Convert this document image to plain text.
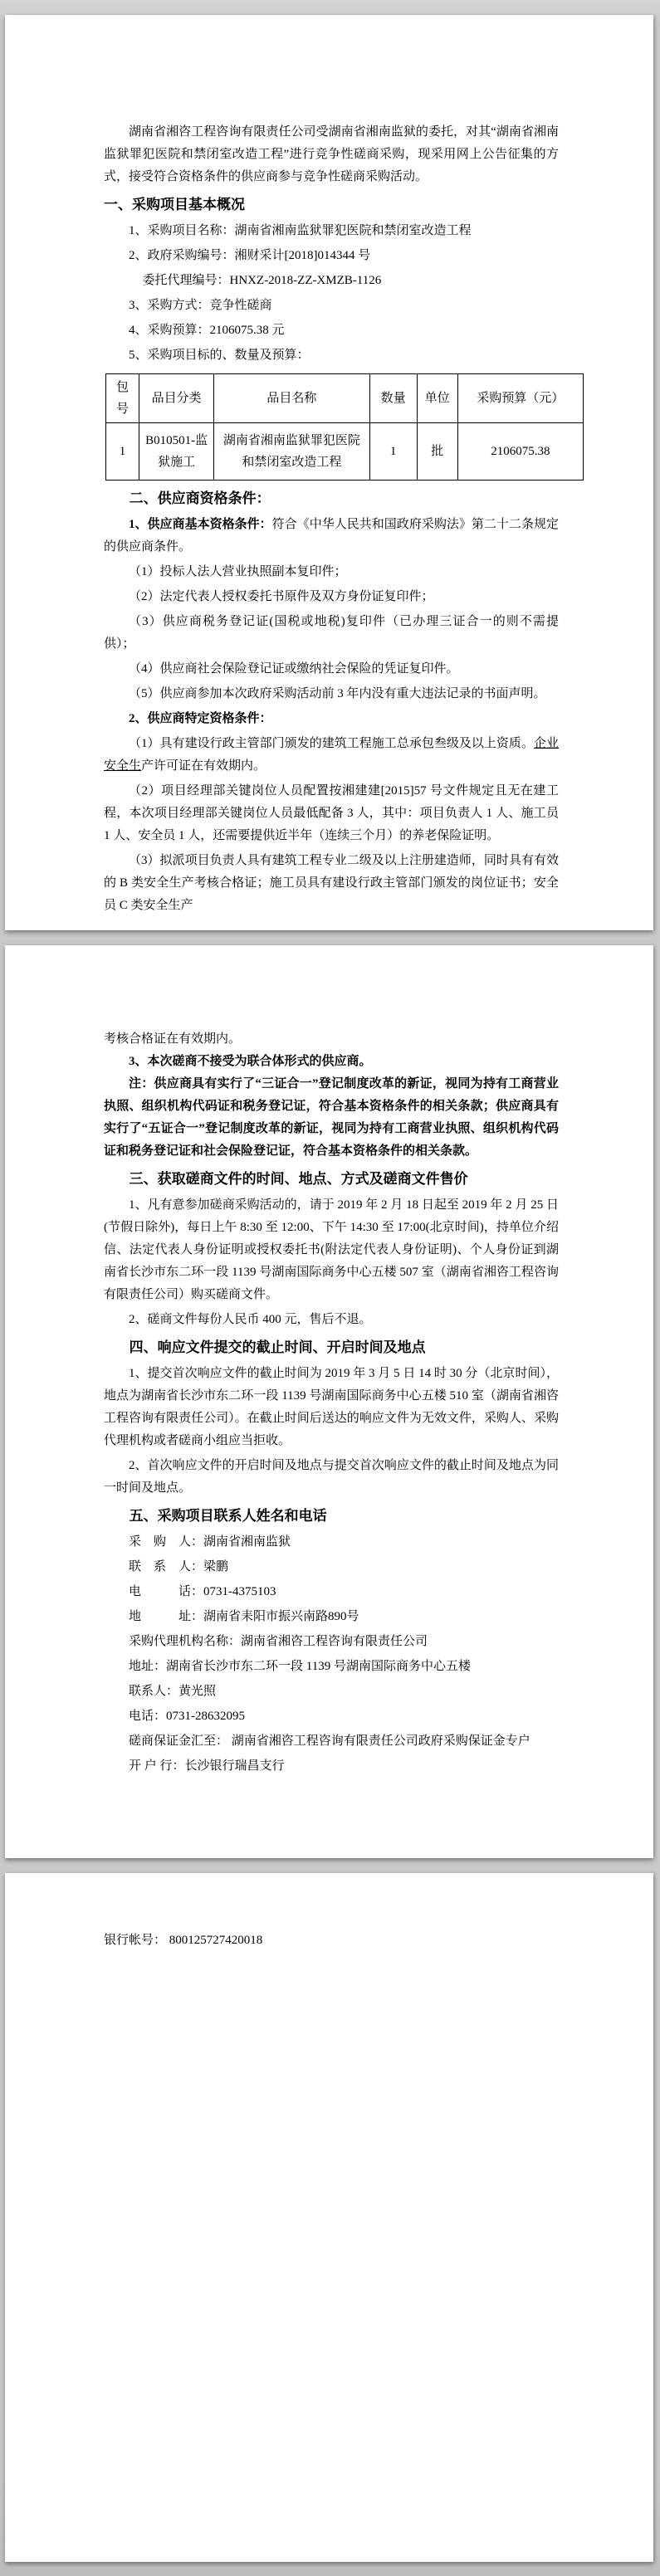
湖南省湘咨工程咨询有限责任公司受湖南省湘南监狱的委托，对其“湖南省湘南监狱罪犯医院和禁闭室改造工程”进行竞争性磋商采购，现采用网上公告征集的方式，接受符合资格条件的供应商参与竞争性磋商采购活动。

一、采购项目基本概况

1、采购项目名称：湖南省湘南监狱罪犯医院和禁闭室改造工程

2、政府采购编号：湘财采计[2018]014344 号

委托代理编号：HNXZ-2018-ZZ-XMZB-1126

3、采购方式：竞争性磋商

4、采购预算：2106075.38 元

5、采购项目标的、数量及预算：

包号	品目分类	品目名称	数量	单位	采购预算（元）
1	B010501-监狱施工	湖南省湘南监狱罪犯医院和禁闭室改造工程	1	批	2106075.38

二、供应商资格条件：

1、供应商基本资格条件：符合《中华人民共和国政府采购法》第二十二条规定的供应商条件。

（1）投标人法人营业执照副本复印件；

（2）法定代表人授权委托书原件及双方身份证复印件；

（3）供应商税务登记证(国税或地税)复印件（已办理三证合一的则不需提供）；

（4）供应商社会保险登记证或缴纳社会保险的凭证复印件。

（5）供应商参加本次政府采购活动前 3 年内没有重大违法记录的书面声明。

2、供应商特定资格条件：

（1）具有建设行政主管部门颁发的建筑工程施工总承包叁级及以上资质。企业安全生产许可证在有效期内。

（2）项目经理部关键岗位人员配置按湘建建[2015]57 号文件规定且无在建工程，本次项目经理部关键岗位人员最低配备 3 人，其中：项目负责人 1 人、施工员 1 人、安全员 1 人，还需要提供近半年（连续三个月）的养老保险证明。

（3）拟派项目负责人具有建筑工程专业二级及以上注册建造师，同时具有有效的 B 类安全生产考核合格证；施工员具有建设行政主管部门颁发的岗位证书；安全员 C 类安全生产

考核合格证在有效期内。

3、本次磋商不接受为联合体形式的供应商。

注：供应商具有实行了“三证合一”登记制度改革的新证，视同为持有工商营业执照、组织机构代码证和税务登记证，符合基本资格条件的相关条款；供应商具有实行了“五证合一”登记制度改革的新证，视同为持有工商营业执照、组织机构代码证和税务登记证和社会保险登记证，符合基本资格条件的相关条款。

三、获取磋商文件的时间、地点、方式及磋商文件售价

1、凡有意参加磋商采购活动的，请于 2019 年 2 月 18 日起至 2019 年 2 月 25 日(节假日除外)，每日上午 8:30 至 12:00、下午 14:30 至 17:00(北京时间)，持单位介绍信、法定代表人身份证明或授权委托书(附法定代表人身份证明)、个人身份证到湖南省长沙市东二环一段 1139 号湖南国际商务中心五楼 507 室（湖南省湘咨工程咨询有限责任公司）购买磋商文件。

2、磋商文件每份人民币 400 元，售后不退。

四、响应文件提交的截止时间、开启时间及地点

1、提交首次响应文件的截止时间为 2019 年 3 月 5 日 14 时 30 分（北京时间），地点为湖南省长沙市东二环一段 1139 号湖南国际商务中心五楼 510 室（湖南省湘咨工程咨询有限责任公司）。在截止时间后送达的响应文件为无效文件，采购人、采购代理机构或者磋商小组应当拒收。

2、首次响应文件的开启时间及地点与提交首次响应文件的截止时间及地点为同一时间及地点。

五、采购项目联系人姓名和电话

采　购　人：湖南省湘南监狱

联　系　人：梁鹏

电　　　话：0731-4375103

地　　　址：湖南省耒阳市振兴南路890号

采购代理机构名称：湖南省湘咨工程咨询有限责任公司

地址：湖南省长沙市东二环一段 1139 号湖南国际商务中心五楼

联系人：黄光照

电话：0731-28632095

磋商保证金汇至： 湖南省湘咨工程咨询有限责任公司政府采购保证金专户

开 户 行：长沙银行瑞昌支行

银行帐号： 800125727420018
